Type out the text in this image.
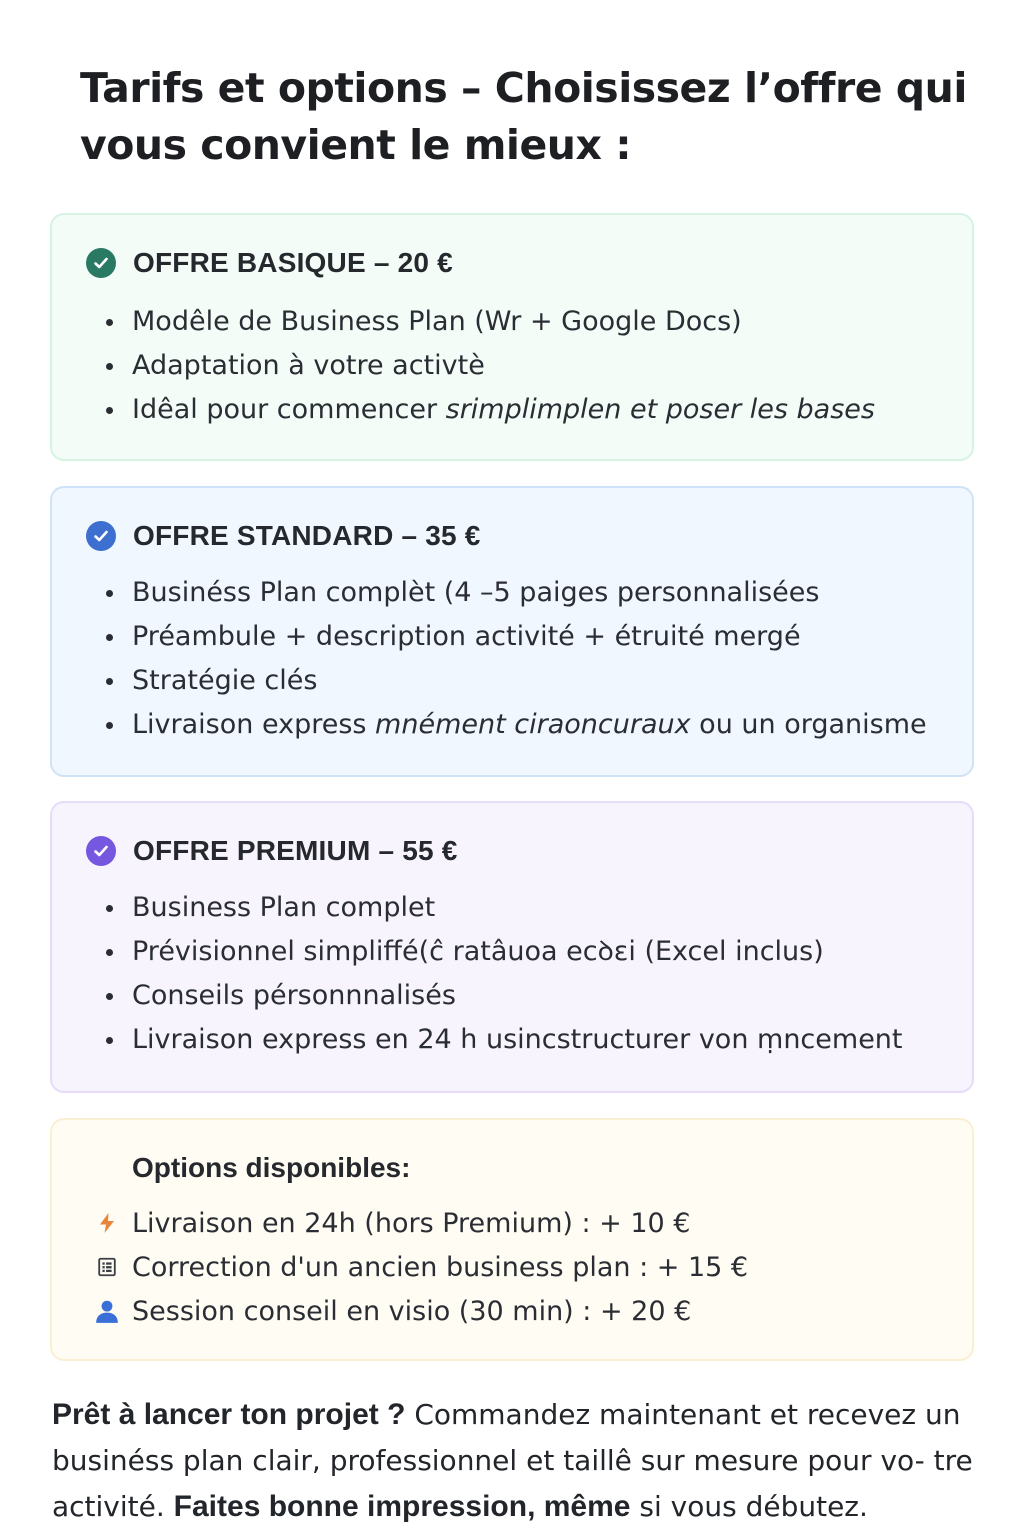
Tarifs et options – Choisissez l’offre qui vous convient le mieux :
OFFRE BASIQUE – 20 €
Modêle de Business Plan (Wr + Google Docs)
Adaptation à votre activtè
Idêal pour commencer srimplimplen et poser les bases
OFFRE STANDARD – 35 €
Businéss Plan complèt (4 –5 paiges personnalisées
Préambule + description activité + étruité mergé
Stratégie clés
Livraison express mnément ciraoncuraux ou un organisme
OFFRE PREMIUM – 55 €
Business Plan complet
Prévisionnel simpliffé(ĉ ratâuoa ecꝺɛi (Excel inclus)
Conseils pérsonnnalisés
Livraison express en 24 h usincstructurer von ṃncement
Options disponibles:
Livraison en 24h (hors Premium) : + 10 €
Correction d'un ancien business plan : + 15 €
Session conseil en visio (30 min) : + 20 €

Prêt à lancer ton projet ? Commandez maintenant et recevez un businéss plan clair, professionnel et taillê sur mesure pour vo- tre activité. Faites bonne impression, même si vous débutez.
